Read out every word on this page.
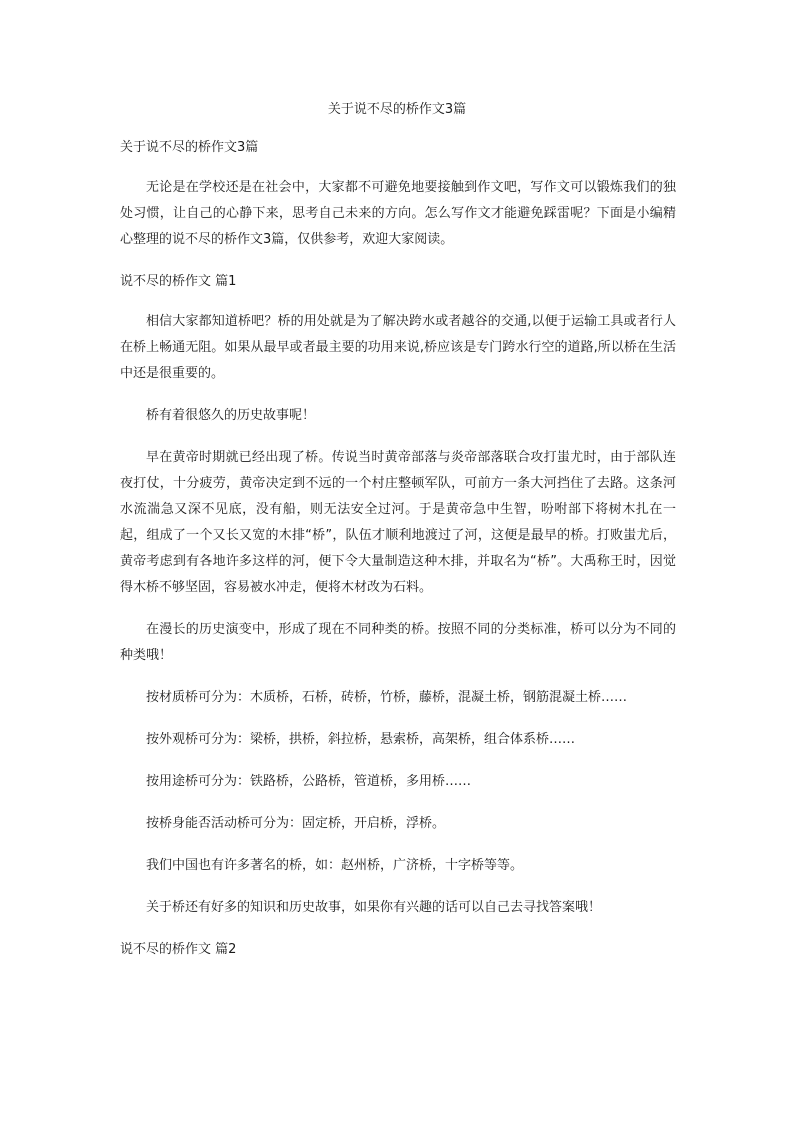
关于说不尽的桥作文3篇

关于说不尽的桥作文3篇

无论是在学校还是在社会中，大家都不可避免地要接触到作文吧，写作文可以锻炼我们的独处习惯，让自己的心静下来，思考自己未来的方向。怎么写作文才能避免踩雷呢？下面是小编精心整理的说不尽的桥作文3篇，仅供参考，欢迎大家阅读。

说不尽的桥作文 篇1

相信大家都知道桥吧？桥的用处就是为了解决跨水或者越谷的交通,以便于运输工具或者行人在桥上畅通无阻。如果从最早或者最主要的功用来说,桥应该是专门跨水行空的道路,所以桥在生活中还是很重要的。

桥有着很悠久的历史故事呢！

早在黄帝时期就已经出现了桥。传说当时黄帝部落与炎帝部落联合攻打蚩尤时，由于部队连夜打仗，十分疲劳，黄帝决定到不远的一个村庄整顿军队，可前方一条大河挡住了去路。这条河水流湍急又深不见底，没有船，则无法安全过河。于是黄帝急中生智，吩咐部下将树木扎在一起，组成了一个又长又宽的木排“桥”，队伍才顺利地渡过了河，这便是最早的桥。打败蚩尤后，黄帝考虑到有各地许多这样的河，便下令大量制造这种木排，并取名为“桥”。大禹称王时，因觉得木桥不够坚固，容易被水冲走，便将木材改为石料。

在漫长的历史演变中，形成了现在不同种类的桥。按照不同的分类标准，桥可以分为不同的种类哦！

按材质桥可分为：木质桥，石桥，砖桥，竹桥，藤桥，混凝土桥，钢筋混凝土桥……

按外观桥可分为：梁桥，拱桥，斜拉桥，悬索桥，高架桥，组合体系桥……

按用途桥可分为：铁路桥，公路桥，管道桥，多用桥……

按桥身能否活动桥可分为：固定桥，开启桥，浮桥。

我们中国也有许多著名的桥，如：赵州桥，广济桥，十字桥等等。

关于桥还有好多的知识和历史故事，如果你有兴趣的话可以自己去寻找答案哦！

说不尽的桥作文 篇2
